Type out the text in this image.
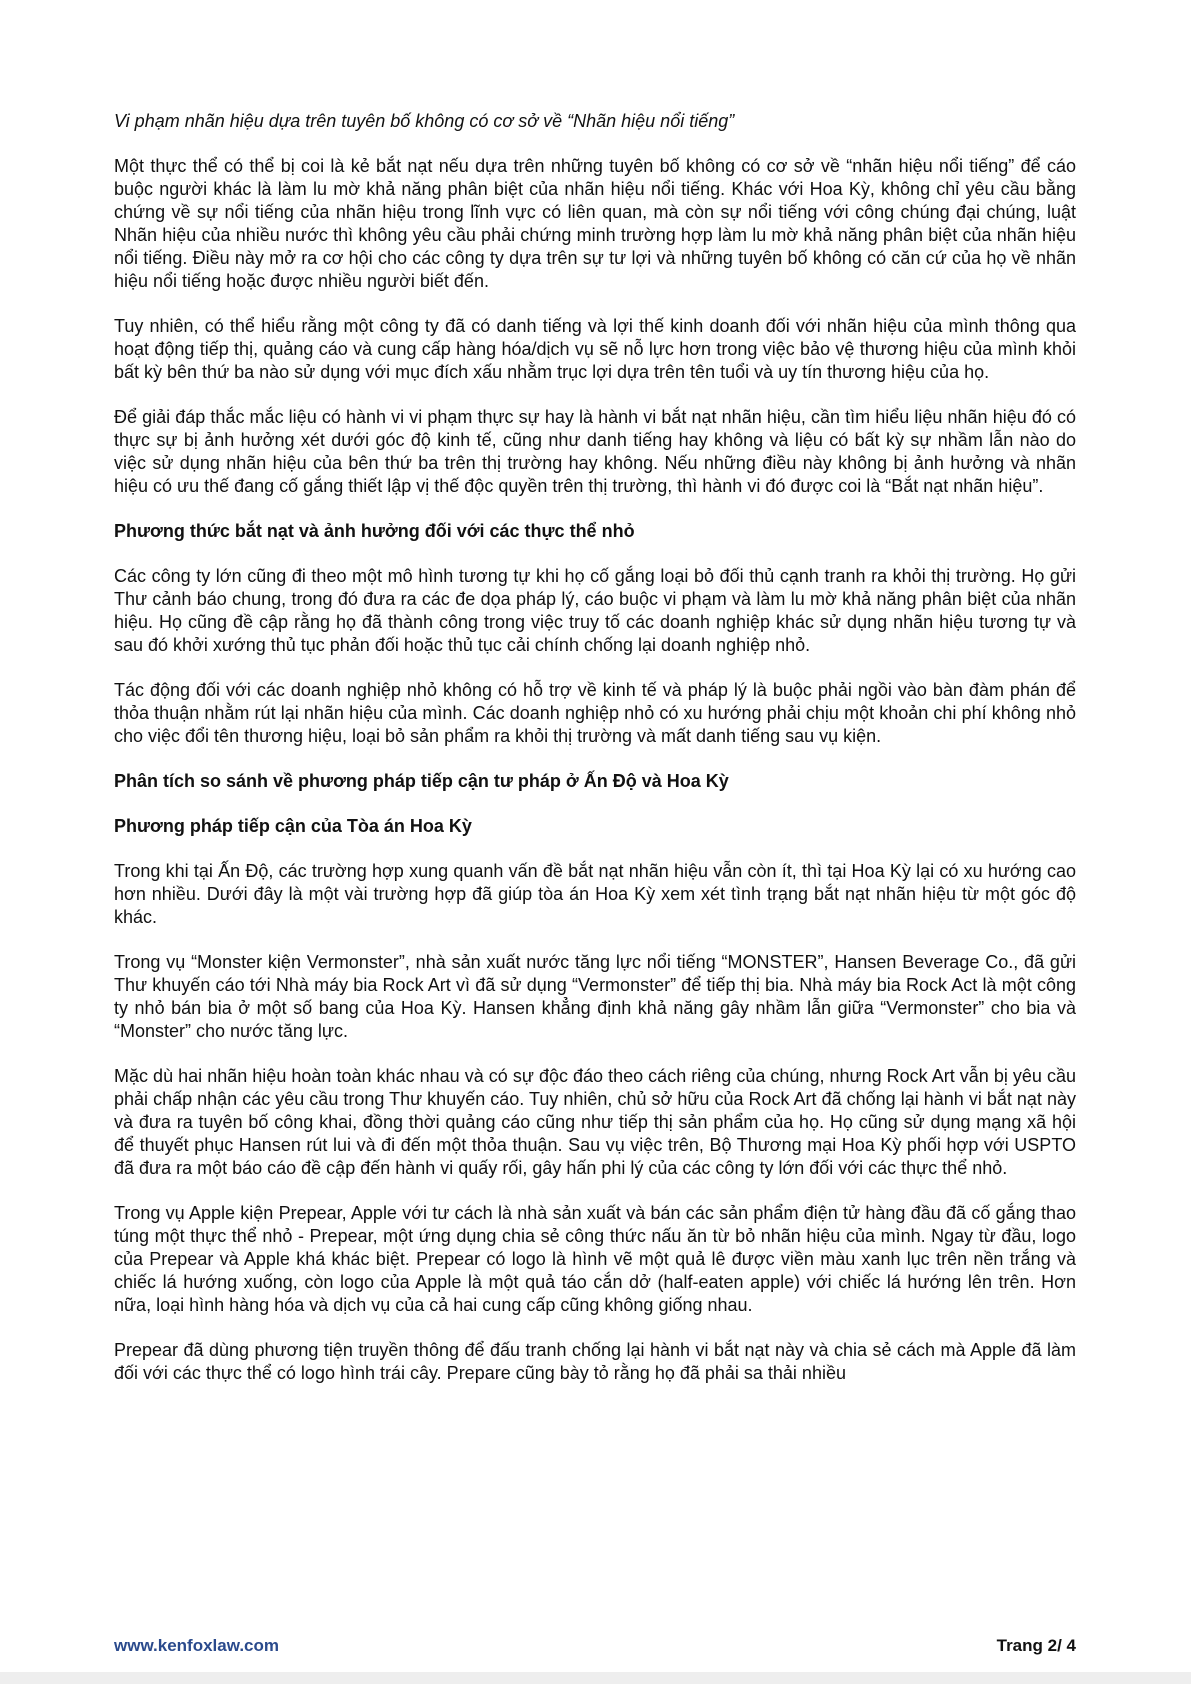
Vi phạm nhãn hiệu dựa trên tuyên bố không có cơ sở về “Nhãn hiệu nổi tiếng”
Một thực thể có thể bị coi là kẻ bắt nạt nếu dựa trên những tuyên bố không có cơ sở về “nhãn hiệu nổi tiếng” để cáo buộc người khác là làm lu mờ khả năng phân biệt của nhãn hiệu nổi tiếng. Khác với Hoa Kỳ, không chỉ yêu cầu bằng chứng về sự nổi tiếng của nhãn hiệu trong lĩnh vực có liên quan, mà còn sự nổi tiếng với công chúng đại chúng, luật Nhãn hiệu của nhiều nước thì không yêu cầu phải chứng minh trường hợp làm lu mờ khả năng phân biệt của nhãn hiệu nổi tiếng. Điều này mở ra cơ hội cho các công ty dựa trên sự tư lợi và những tuyên bố không có căn cứ của họ về nhãn hiệu nổi tiếng hoặc được nhiều người biết đến.
Tuy nhiên, có thể hiểu rằng một công ty đã có danh tiếng và lợi thế kinh doanh đối với nhãn hiệu của mình thông qua hoạt động tiếp thị, quảng cáo và cung cấp hàng hóa/dịch vụ sẽ nỗ lực hơn trong việc bảo vệ thương hiệu của mình khỏi bất kỳ bên thứ ba nào sử dụng với mục đích xấu nhằm trục lợi dựa trên tên tuổi và uy tín thương hiệu của họ.
Để giải đáp thắc mắc liệu có hành vi vi phạm thực sự hay là hành vi bắt nạt nhãn hiệu, cần tìm hiểu liệu nhãn hiệu đó có thực sự bị ảnh hưởng xét dưới góc độ kinh tế, cũng như danh tiếng hay không và liệu có bất kỳ sự nhầm lẫn nào do việc sử dụng nhãn hiệu của bên thứ ba trên thị trường hay không. Nếu những điều này không bị ảnh hưởng và nhãn hiệu có ưu thế đang cố gắng thiết lập vị thế độc quyền trên thị trường, thì hành vi đó được coi là “Bắt nạt nhãn hiệu”.
Phương thức bắt nạt và ảnh hưởng đối với các thực thể nhỏ
Các công ty lớn cũng đi theo một mô hình tương tự khi họ cố gắng loại bỏ đối thủ cạnh tranh ra khỏi thị trường. Họ gửi Thư cảnh báo chung, trong đó đưa ra các đe dọa pháp lý, cáo buộc vi phạm và làm lu mờ khả năng phân biệt của nhãn hiệu. Họ cũng đề cập rằng họ đã thành công trong việc truy tố các doanh nghiệp khác sử dụng nhãn hiệu tương tự và sau đó khởi xướng thủ tục phản đối hoặc thủ tục cải chính chống lại doanh nghiệp nhỏ.
Tác động đối với các doanh nghiệp nhỏ không có hỗ trợ về kinh tế và pháp lý là buộc phải ngồi vào bàn đàm phán để thỏa thuận nhằm rút lại nhãn hiệu của mình. Các doanh nghiệp nhỏ có xu hướng phải chịu một khoản chi phí không nhỏ cho việc đổi tên thương hiệu, loại bỏ sản phẩm ra khỏi thị trường và mất danh tiếng sau vụ kiện.
Phân tích so sánh về phương pháp tiếp cận tư pháp ở Ấn Độ và Hoa Kỳ
Phương pháp tiếp cận của Tòa án Hoa Kỳ
Trong khi tại Ấn Độ, các trường hợp xung quanh vấn đề bắt nạt nhãn hiệu vẫn còn ít, thì tại Hoa Kỳ lại có xu hướng cao hơn nhiều. Dưới đây là một vài trường hợp đã giúp tòa án Hoa Kỳ xem xét tình trạng bắt nạt nhãn hiệu từ một góc độ khác.
Trong vụ “Monster kiện Vermonster”, nhà sản xuất nước tăng lực nổi tiếng “MONSTER”, Hansen Beverage Co., đã gửi Thư khuyến cáo tới Nhà máy bia Rock Art vì đã sử dụng “Vermonster” để tiếp thị bia. Nhà máy bia Rock Act là một công ty nhỏ bán bia ở một số bang của Hoa Kỳ. Hansen khẳng định khả năng gây nhầm lẫn giữa “Vermonster” cho bia và “Monster” cho nước tăng lực.
Mặc dù hai nhãn hiệu hoàn toàn khác nhau và có sự độc đáo theo cách riêng của chúng, nhưng Rock Art vẫn bị yêu cầu phải chấp nhận các yêu cầu trong Thư khuyến cáo. Tuy nhiên, chủ sở hữu của Rock Art đã chống lại hành vi bắt nạt này và đưa ra tuyên bố công khai, đồng thời quảng cáo cũng như tiếp thị sản phẩm của họ. Họ cũng sử dụng mạng xã hội để thuyết phục Hansen rút lui và đi đến một thỏa thuận. Sau vụ việc trên, Bộ Thương mại Hoa Kỳ phối hợp với USPTO đã đưa ra một báo cáo đề cập đến hành vi quấy rối, gây hấn phi lý của các công ty lớn đối với các thực thể nhỏ.
Trong vụ Apple kiện Prepear, Apple với tư cách là nhà sản xuất và bán các sản phẩm điện tử hàng đầu đã cố gắng thao túng một thực thể nhỏ - Prepear, một ứng dụng chia sẻ công thức nấu ăn từ bỏ nhãn hiệu của mình. Ngay từ đầu, logo của Prepear và Apple khá khác biệt. Prepear có logo là hình vẽ một quả lê được viền màu xanh lục trên nền trắng và chiếc lá hướng xuống, còn logo của Apple là một quả táo cắn dở (half-eaten apple) với chiếc lá hướng lên trên. Hơn nữa, loại hình hàng hóa và dịch vụ của cả hai cung cấp cũng không giống nhau.
Prepear đã dùng phương tiện truyền thông để đấu tranh chống lại hành vi bắt nạt này và chia sẻ cách mà Apple đã làm đối với các thực thể có logo hình trái cây. Prepare cũng bày tỏ rằng họ đã phải sa thải nhiều
www.kenfoxlaw.com	Trang 2/ 4
